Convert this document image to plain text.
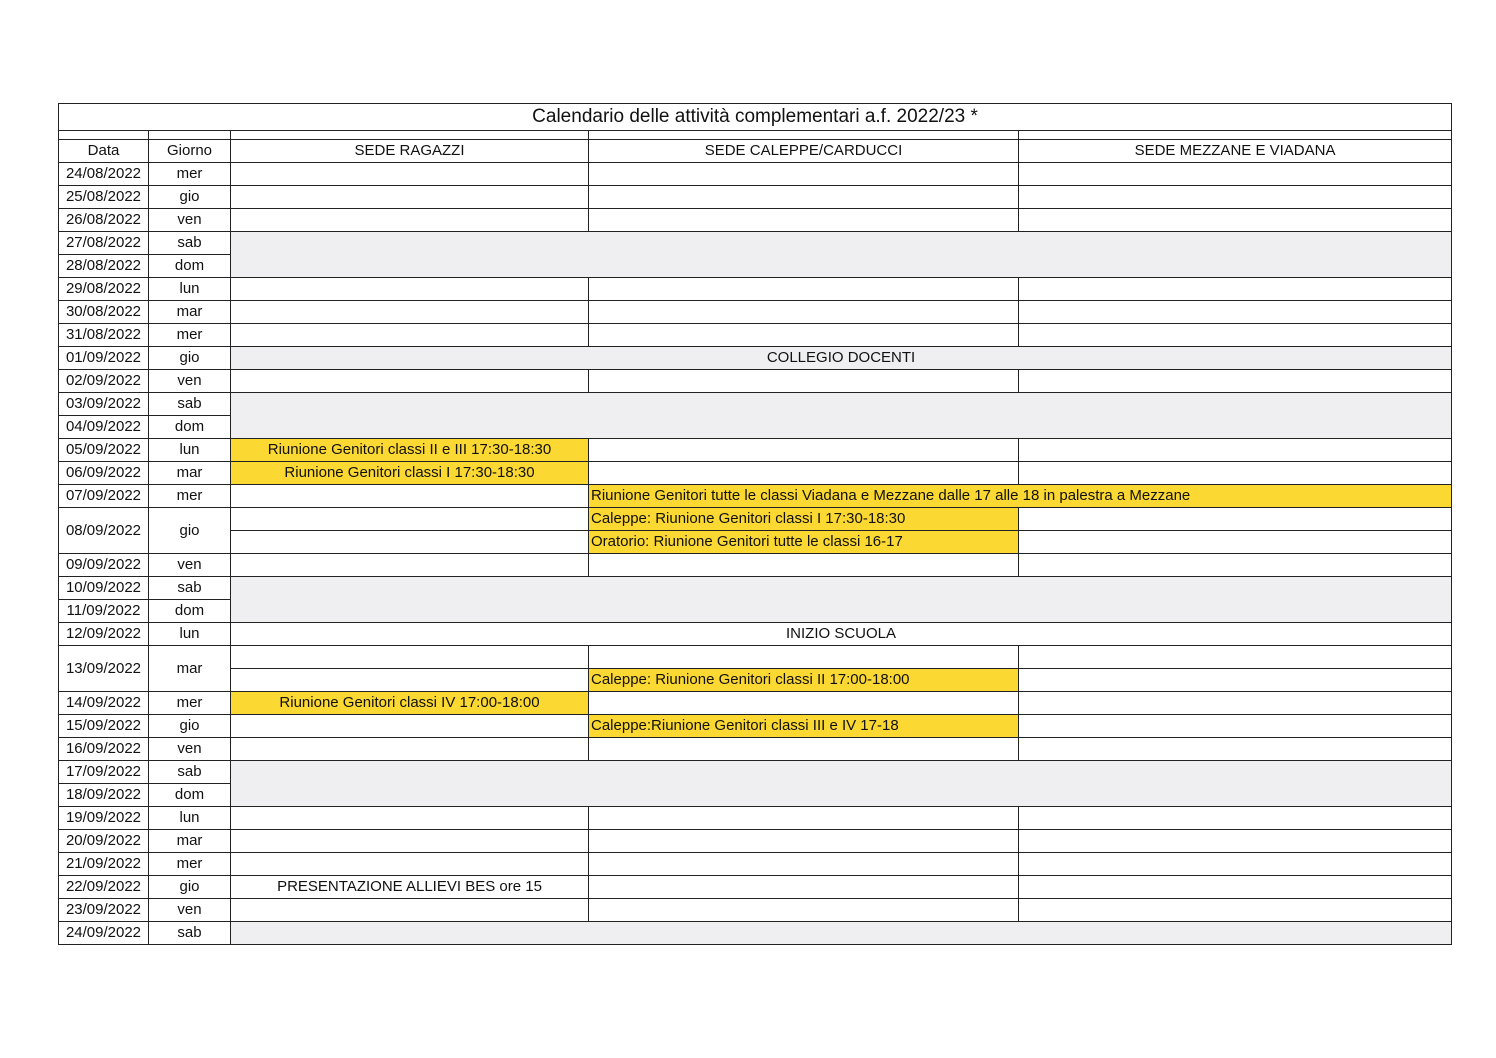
Calendario delle attività complementari a.f. 2022/23 *				

Data	Giorno	SEDE RAGAZZI	SEDE CALEPPE/CARDUCCI	SEDE MEZZANE E VIADANA
24/08/2022	mer			
25/08/2022	gio			
26/08/2022	ven			
27/08/2022	sab			
28/08/2022	dom			
29/08/2022	lun			
30/08/2022	mar			
31/08/2022	mer			
01/09/2022	gio	COLLEGIO DOCENTI		
02/09/2022	ven			
03/09/2022	sab			
04/09/2022	dom			
05/09/2022	lun	Riunione Genitori classi II e III 17:30-18:30		
06/09/2022	mar	Riunione Genitori classi I 17:30-18:30		
07/09/2022	mer		Riunione Genitori tutte le classi Viadana e Mezzane dalle 17 alle 18 in palestra a Mezzane	
08/09/2022	gio		Caleppe: Riunione Genitori classi I 17:30-18:30	
			Oratorio: Riunione Genitori tutte le classi 16-17	
09/09/2022	ven			
10/09/2022	sab			
11/09/2022	dom			
12/09/2022	lun	INIZIO SCUOLA		
13/09/2022	mar			
			Caleppe: Riunione Genitori classi II 17:00-18:00	
14/09/2022	mer	Riunione Genitori classi IV 17:00-18:00		
15/09/2022	gio		Caleppe:Riunione Genitori classi III e IV 17-18	
16/09/2022	ven			
17/09/2022	sab			
18/09/2022	dom			
19/09/2022	lun			
20/09/2022	mar			
21/09/2022	mer			
22/09/2022	gio	PRESENTAZIONE ALLIEVI BES ore 15		
23/09/2022	ven			
24/09/2022	sab			
